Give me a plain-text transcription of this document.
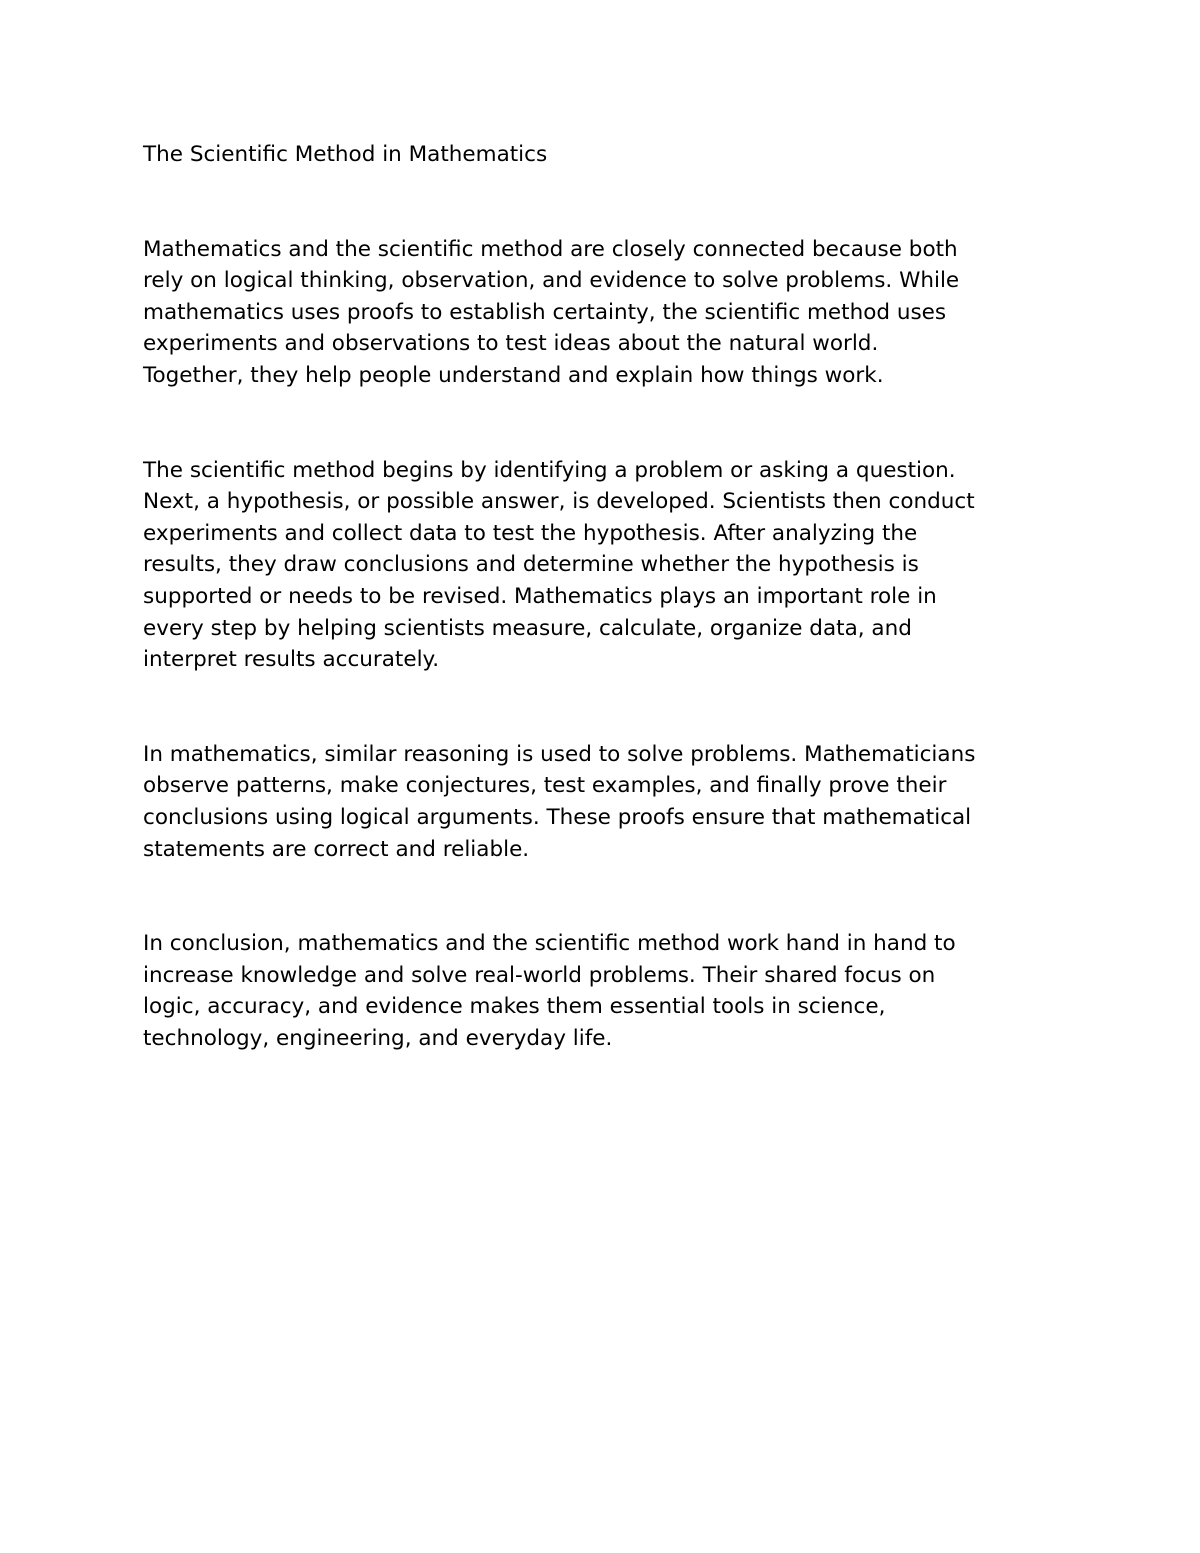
The Scientific Method in Mathematics

Mathematics and the scientific method are closely connected because both
rely on logical thinking, observation, and evidence to solve problems. While
mathematics uses proofs to establish certainty, the scientific method uses
experiments and observations to test ideas about the natural world.
Together, they help people understand and explain how things work.

The scientific method begins by identifying a problem or asking a question.
Next, a hypothesis, or possible answer, is developed. Scientists then conduct
experiments and collect data to test the hypothesis. After analyzing the
results, they draw conclusions and determine whether the hypothesis is
supported or needs to be revised. Mathematics plays an important role in
every step by helping scientists measure, calculate, organize data, and
interpret results accurately.

In mathematics, similar reasoning is used to solve problems. Mathematicians
observe patterns, make conjectures, test examples, and finally prove their
conclusions using logical arguments. These proofs ensure that mathematical
statements are correct and reliable.

In conclusion, mathematics and the scientific method work hand in hand to
increase knowledge and solve real-world problems. Their shared focus on
logic, accuracy, and evidence makes them essential tools in science,
technology, engineering, and everyday life.
